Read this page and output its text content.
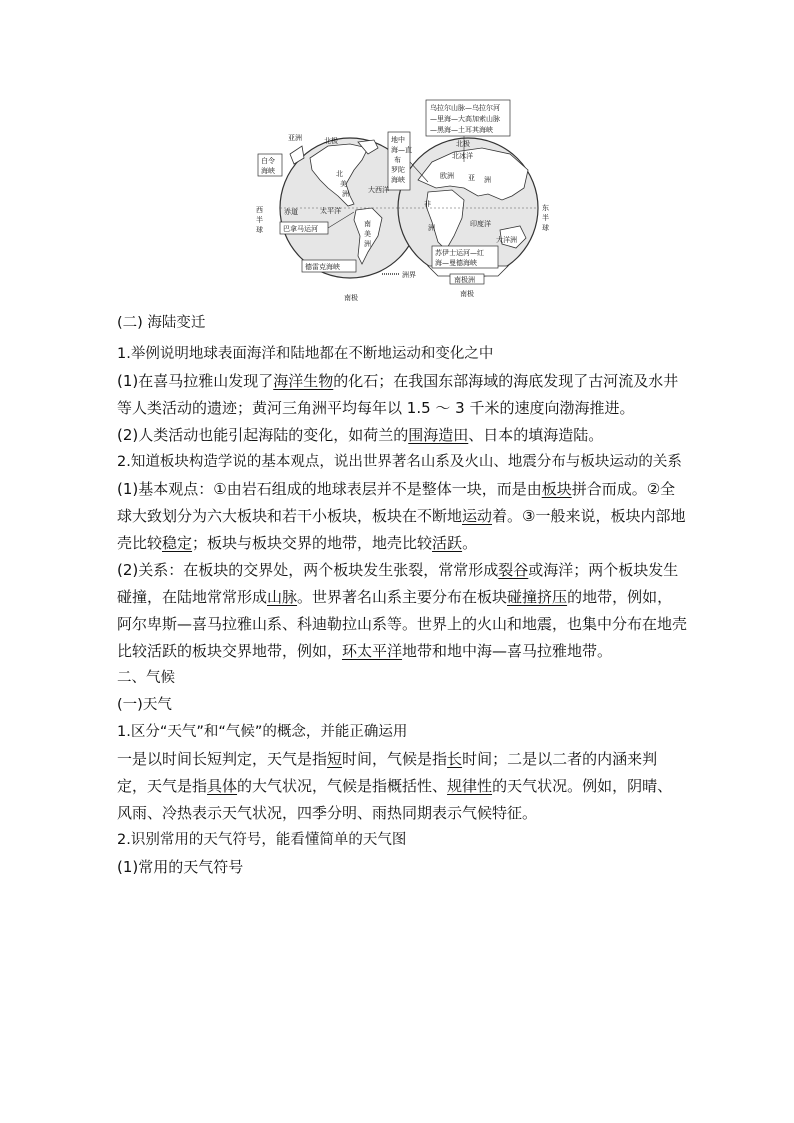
乌拉尔山脉—乌拉尔河
—里海—大高加索山脉
—黑海—土耳其海峡
地中
海—直
布
罗陀
海峡
白令
海峡
巴拿马运河
德雷克海峡
苏伊士运河—红
海—曼德海峡
南极洲
亚洲	北极
北
美
洲	大西洋
西
半
球
赤道	太平洋
南
美
洲
南极
洲界
北极
北冰洋
欧洲 亚 洲
非
洲	印度洋
大洋洲
东
半
球
南极

(二) 海陆变迁

1.举例说明地球表面海洋和陆地都在不断地运动和变化之中

(1)在喜马拉雅山发现了海洋生物的化石；在我国东部海域的海底发现了古河流及水井等人类活动的遗迹；黄河三角洲平均每年以 1.5 ～ 3 千米的速度向渤海推进。

(2)人类活动也能引起海陆的变化，如荷兰的围海造田、日本的填海造陆。

2.知道板块构造学说的基本观点，说出世界著名山系及火山、地震分布与板块运动的关系

(1)基本观点：①由岩石组成的地球表层并不是整体一块，而是由板块拼合而成。②全球大致划分为六大板块和若干小板块，板块在不断地运动着。③一般来说，板块内部地壳比较稳定；板块与板块交界的地带，地壳比较活跃。

(2)关系：在板块的交界处，两个板块发生张裂，常常形成裂谷或海洋；两个板块发生碰撞，在陆地常常形成山脉。世界著名山系主要分布在板块碰撞挤压的地带，例如，阿尔卑斯—喜马拉雅山系、科迪勒拉山系等。世界上的火山和地震，也集中分布在地壳比较活跃的板块交界地带，例如，环太平洋地带和地中海—喜马拉雅地带。

二、气候

(一)天气

1.区分“天气”和“气候”的概念，并能正确运用

一是以时间长短判定，天气是指短时间，气候是指长时间；二是以二者的内涵来判定，天气是指具体的大气状况，气候是指概括性、规律性的天气状况。例如，阴晴、风雨、冷热表示天气状况，四季分明、雨热同期表示气候特征。

2.识别常用的天气符号，能看懂简单的天气图

(1)常用的天气符号
